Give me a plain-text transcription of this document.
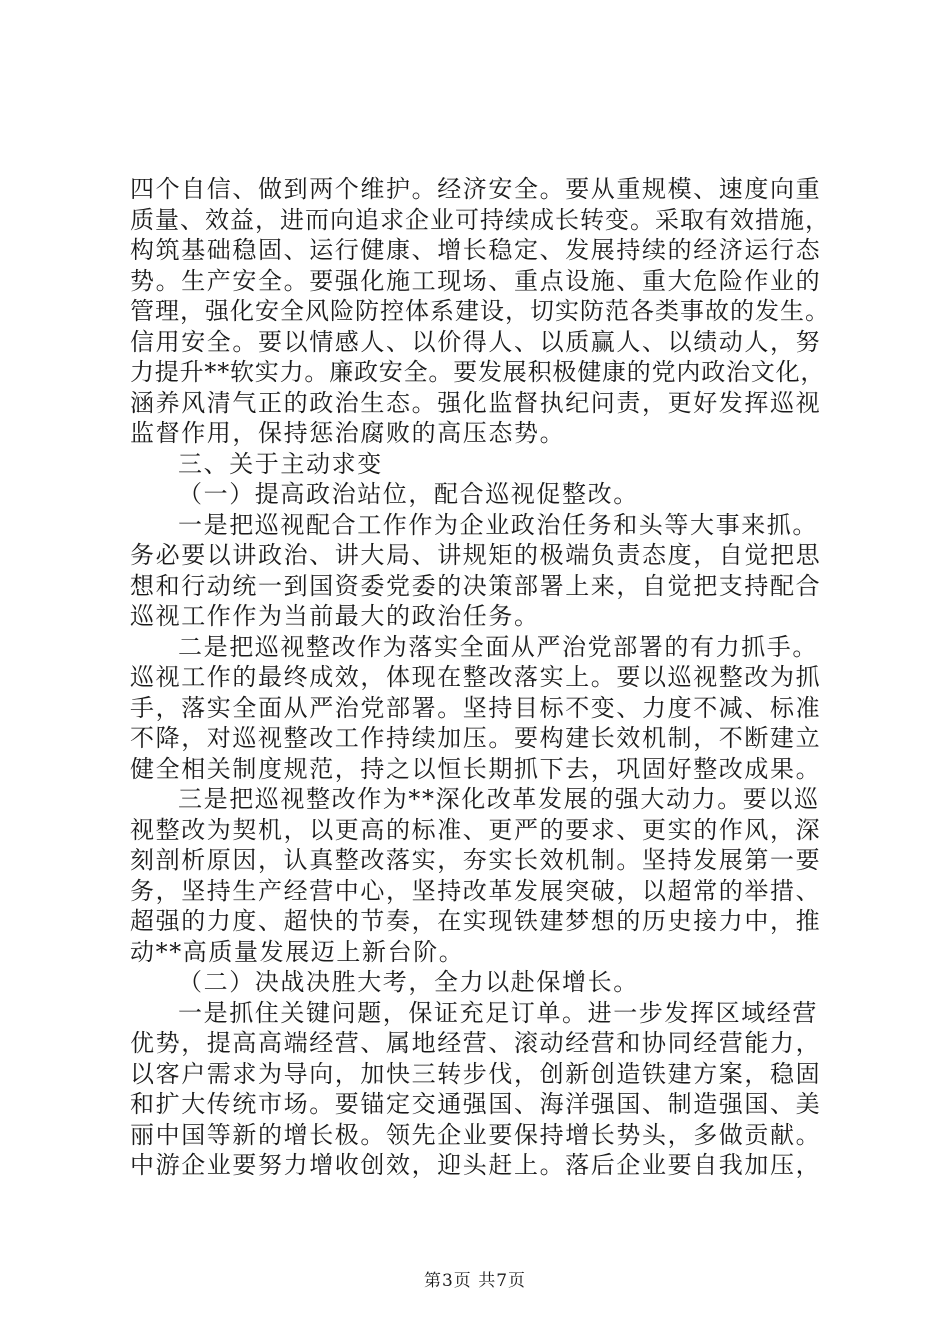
四个自信、做到两个维护。经济安全。要从重规模、速度向重
质量、效益，进而向追求企业可持续成长转变。采取有效措施，
构筑基础稳固、运行健康、增长稳定、发展持续的经济运行态
势。生产安全。要强化施工现场、重点设施、重大危险作业的
管理，强化安全风险防控体系建设，切实防范各类事故的发生。
信用安全。要以情感人、以价得人、以质赢人、以绩动人，努
力提升**软实力。廉政安全。要发展积极健康的党内政治文化，
涵养风清气正的政治生态。强化监督执纪问责，更好发挥巡视
监督作用，保持惩治腐败的高压态势。
三、关于主动求变
（一）提高政治站位，配合巡视促整改。
一是把巡视配合工作作为企业政治任务和头等大事来抓。
务必要以讲政治、讲大局、讲规矩的极端负责态度，自觉把思
想和行动统一到国资委党委的决策部署上来，自觉把支持配合
巡视工作作为当前最大的政治任务。
二是把巡视整改作为落实全面从严治党部署的有力抓手。
巡视工作的最终成效，体现在整改落实上。要以巡视整改为抓
手，落实全面从严治党部署。坚持目标不变、力度不减、标准
不降，对巡视整改工作持续加压。要构建长效机制，不断建立
健全相关制度规范，持之以恒长期抓下去，巩固好整改成果。
三是把巡视整改作为**深化改革发展的强大动力。要以巡
视整改为契机，以更高的标准、更严的要求、更实的作风，深
刻剖析原因，认真整改落实，夯实长效机制。坚持发展第一要
务，坚持生产经营中心，坚持改革发展突破，以超常的举措、
超强的力度、超快的节奏，在实现铁建梦想的历史接力中，推
动**高质量发展迈上新台阶。
（二）决战决胜大考，全力以赴保增长。
一是抓住关键问题，保证充足订单。进一步发挥区域经营
优势，提高高端经营、属地经营、滚动经营和协同经营能力，
以客户需求为导向，加快三转步伐，创新创造铁建方案，稳固
和扩大传统市场。要锚定交通强国、海洋强国、制造强国、美
丽中国等新的增长极。领先企业要保持增长势头，多做贡献。
中游企业要努力增收创效，迎头赶上。落后企业要自我加压，
第3页 共7页
